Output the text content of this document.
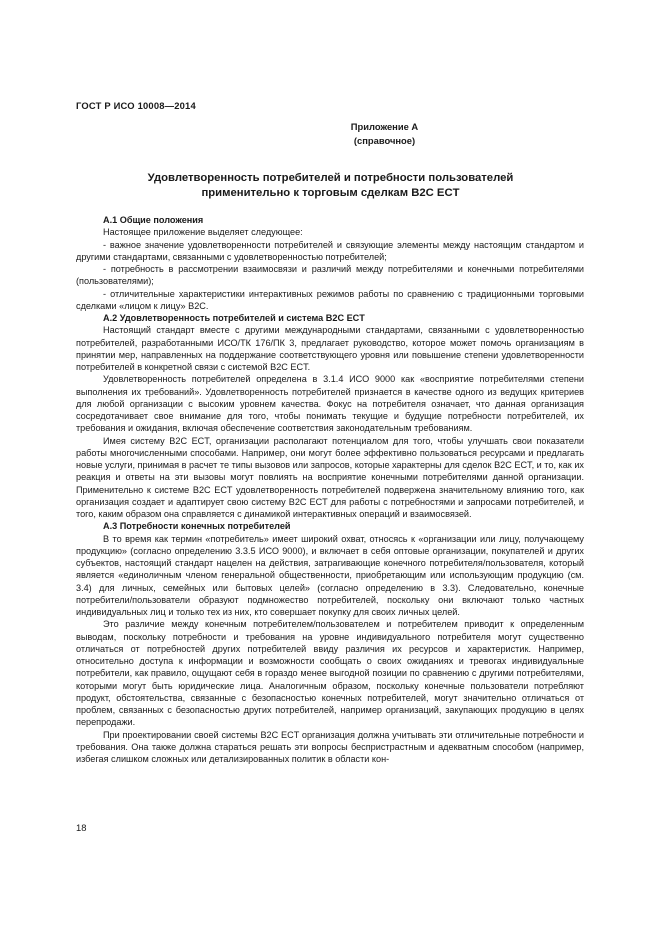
ГОСТ Р ИСО 10008—2014
Приложение А
(справочное)
Удовлетворенность потребителей и потребности пользователей
применительно к торговым сделкам B2C ECT

А.1 Общие положения

Настоящее приложение выделяет следующее:

- важное значение удовлетворенности потребителей и связующие элементы между настоящим стандартом и другими стандартами, связанными с удовлетворенностью потребителей;

- потребность в рассмотрении взаимосвязи и различий между потребителями и конечными потребителями (пользователями);

- отличительные характеристики интерактивных режимов работы по сравнению с традиционными торговыми сделками «лицом к лицу» B2C.

А.2 Удовлетворенность потребителей и система B2C ECT

Настоящий стандарт вместе с другими международными стандартами, связанными с удовлетворенностью потребителей, разработанными ИСО/ТК 176/ПК 3, предлагает руководство, которое может помочь организациям в принятии мер, направленных на поддержание соответствующего уровня или повышение степени удовлетворенности потребителей в конкретной связи с системой B2C ECT.

Удовлетворенность потребителей определена в 3.1.4 ИСО 9000 как «восприятие потребителями степени выполнения их требований». Удовлетворенность потребителей признается в качестве одного из ведущих критериев для любой организации с высоким уровнем качества. Фокус на потребителя означает, что данная организация сосредотачивает свое внимание для того, чтобы понимать текущие и будущие потребности потребителей, их требования и ожидания, включая обеспечение соответствия законодательным требованиям.

Имея систему B2C ECT, организации располагают потенциалом для того, чтобы улучшать свои показатели работы многочисленными способами. Например, они могут более эффективно пользоваться ресурсами и предлагать новые услуги, принимая в расчет те типы вызовов или запросов, которые характерны для сделок B2C ECT, и то, как их реакция и ответы на эти вызовы могут повлиять на восприятие конечными потребителями данной организации. Применительно к системе B2C ECT удовлетворенность потребителей подвержена значительному влиянию того, как организация создает и адаптирует свою систему B2C ECT для работы с потребностями и запросами потребителей, и того, каким образом она справляется с динамикой интерактивных операций и взаимосвязей.

А.3 Потребности конечных потребителей

В то время как термин «потребитель» имеет широкий охват, относясь к «организации или лицу, получающему продукцию» (согласно определению 3.3.5 ИСО 9000), и включает в себя оптовые организации, покупателей и других субъектов, настоящий стандарт нацелен на действия, затрагивающие конечного потребителя/пользователя, который является «единоличным членом генеральной общественности, приобретающим или использующим продукцию (см. 3.4) для личных, семейных или бытовых целей» (согласно определению в 3.3). Следовательно, конечные потребители/пользователи образуют подмножество потребителей, поскольку они включают только частных индивидуальных лиц и только тех из них, кто совершает покупку для своих личных целей.

Это различие между конечным потребителем/пользователем и потребителем приводит к определенным выводам, поскольку потребности и требования на уровне индивидуального потребителя могут существенно отличаться от потребностей других потребителей ввиду различия их ресурсов и характеристик. Например, относительно доступа к информации и возможности сообщать о своих ожиданиях и тревогах индивидуальные потребители, как правило, ощущают себя в гораздо менее выгодной позиции по сравнению с другими потребителями, которыми могут быть юридические лица. Аналогичным образом, поскольку конечные пользователи потребляют продукт, обстоятельства, связанные с безопасностью конечных потребителей, могут значительно отличаться от проблем, связанных с безопасностью других потребителей, например организаций, закупающих продукцию в целях перепродажи.

При проектировании своей системы B2C ECT организация должна учитывать эти отличительные потребности и требования. Она также должна стараться решать эти вопросы беспристрастным и адекватным способом (например, избегая слишком сложных или детализированных политик в области кон-

18
